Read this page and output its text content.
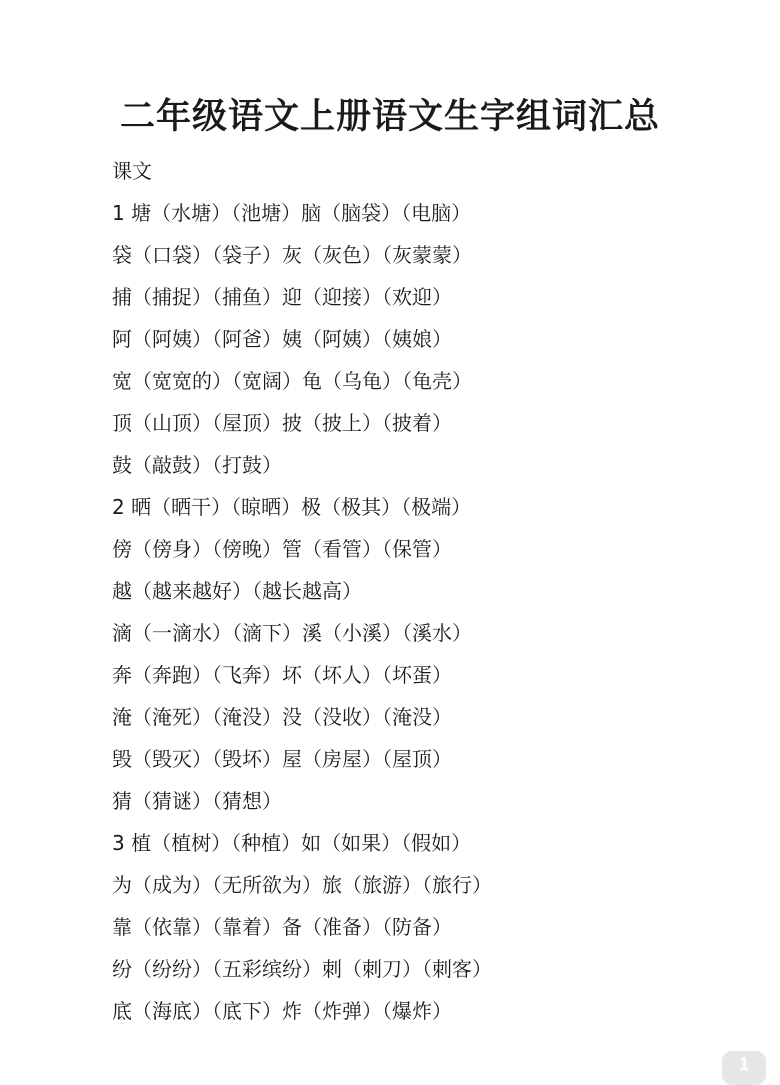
二年级语文上册语文生字组词汇总
课文
1 塘（水塘）（池塘）脑（脑袋）（电脑）
袋（口袋）（袋子）灰（灰色）（灰蒙蒙）
捕（捕捉）（捕鱼）迎（迎接）（欢迎）
阿（阿姨）（阿爸）姨（阿姨）（姨娘）
宽（宽宽的）（宽阔）龟（乌龟）（龟壳）
顶（山顶）（屋顶）披（披上）（披着）
鼓（敲鼓）（打鼓）
2 晒（晒干）（晾晒）极（极其）（极端）
傍（傍身）（傍晚）管（看管）（保管）
越（越来越好）（越长越高）
滴（一滴水）（滴下）溪（小溪）（溪水）
奔（奔跑）（飞奔）坏（坏人）（坏蛋）
淹（淹死）（淹没）没（没收）（淹没）
毁（毁灭）（毁坏）屋（房屋）（屋顶）
猜（猜谜）（猜想）
3 植（植树）（种植）如（如果）（假如）
为（成为）（无所欲为）旅（旅游）（旅行）
靠（依靠）（靠着）备（准备）（防备）
纷（纷纷）（五彩缤纷）刺（刺刀）（刺客）
底（海底）（底下）炸（炸弹）（爆炸）
1
